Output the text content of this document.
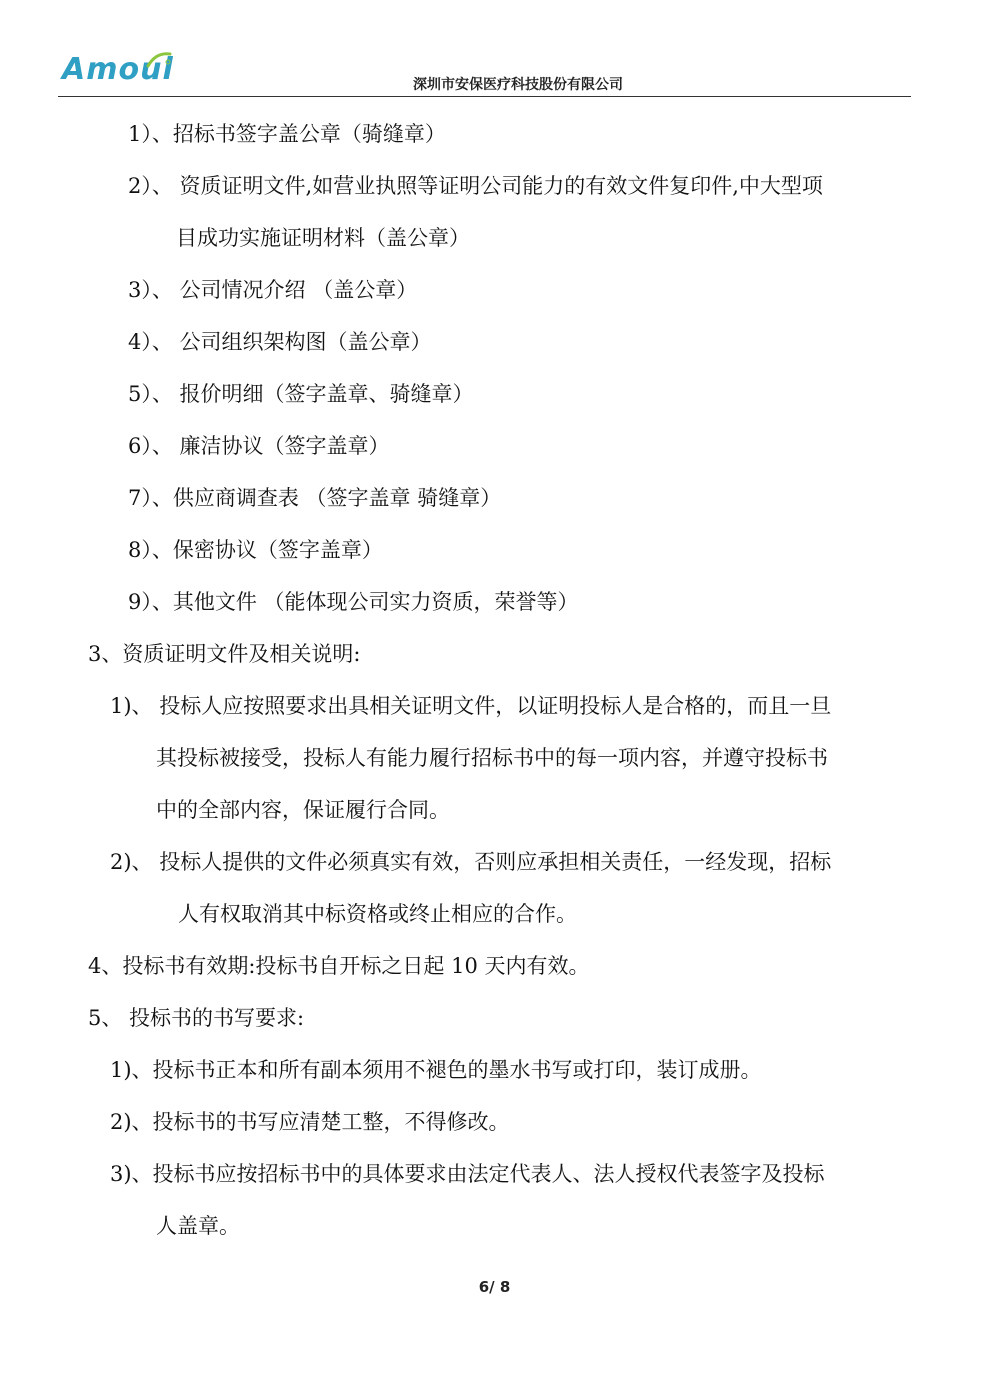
Amoul	深圳市安保医疗科技股份有限公司
1）、招标书签字盖公章（骑缝章）
2）、 资质证明文件,如营业执照等证明公司能力的有效文件复印件,中大型项
目成功实施证明材料（盖公章）
3）、 公司情况介绍 （盖公章）
4）、 公司组织架构图（盖公章）
5）、 报价明细（签字盖章、骑缝章）
6）、 廉洁协议（签字盖章）
7）、供应商调查表 （签字盖章 骑缝章）
8）、保密协议（签字盖章）
9）、其他文件 （能体现公司实力资质，荣誉等）
3、资质证明文件及相关说明:
1)、 投标人应按照要求出具相关证明文件，以证明投标人是合格的，而且一旦
其投标被接受，投标人有能力履行招标书中的每一项内容，并遵守投标书
中的全部内容，保证履行合同。
2)、 投标人提供的文件必须真实有效，否则应承担相关责任，一经发现，招标
人有权取消其中标资格或终止相应的合作。
4、投标书有效期:投标书自开标之日起 10 天内有效。
5、 投标书的书写要求:
1)、投标书正本和所有副本须用不褪色的墨水书写或打印，装订成册。
2)、投标书的书写应清楚工整，不得修改。
3)、投标书应按招标书中的具体要求由法定代表人、法人授权代表签字及投标
人盖章。
6/ 8
